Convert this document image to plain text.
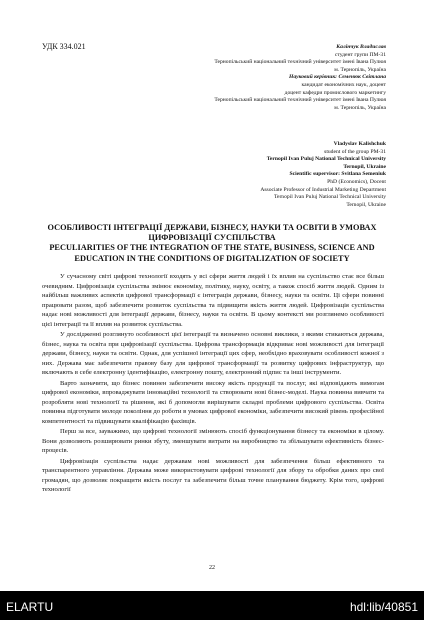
УДК 334.021	Калінчук Владислав
студент групи ПМ-31
Тернопільський національний технічний університет імені Івана Пулюя
м. Тернопіль, Україна
Науковий керівник: Семенюк Світлана
кандидат економічних наук, доцент
доцент кафедри промислового маркетингу
Тернопільський національний технічний університет імені Івана Пулюя
м. Тернопіль, Україна
Vladyslav Kalishchuk
student of the group PM-31
Ternopil Ivan Puluj National Technical University
Ternopil, Ukraine
Scientific supervisor: Svitlana Semeniuk
PhD (Economics), Docent
Associate Professor of Industrial Marketing Department
Ternopil Ivan Puluj National Technical University
Ternopil, Ukraine
ОСОБЛИВОСТІ ІНТЕГРАЦІЇ ДЕРЖАВИ, БІЗНЕСУ, НАУКИ ТА ОСВІТИ В УМОВАХ ЦИФРОВІЗАЦІЇ СУСПІЛЬСТВА
PECULIARITIES OF THE INTEGRATION OF THE STATE, BUSINESS, SCIENCE AND EDUCATION IN THE CONDITIONS OF DIGITALIZATION OF SOCIETY

У сучасному світі цифрові технології входять у всі сфери життя людей і їх вплив на суспільство стає все більш очевидним. Цифровізація суспільства змінює економіку, політику, науку, освіту, а також спосіб життя людей. Одним із найбільш важливих аспектів цифрової трансформації є інтеграція держави, бізнесу, науки та освіти. Ці сфери повинні працювати разом, щоб забезпечити розвиток суспільства та підвищити якість життя людей. Цифровізація суспільства надає нові можливості для інтеграції держави, бізнесу, науки та освіти. В цьому контексті ми розглянемо особливості цієї інтеграції та її вплив на розвиток суспільства.

У дослідженні розглянуто особливості цієї інтеграції та визначено основні виклики, з якими стикаються держава, бізнес, наука та освіта при цифровізації суспільства. Цифрова трансформація відкриває нові можливості для інтеграції держави, бізнесу, науки та освіти. Однак, для успішної інтеграції цих сфер, необхідно враховувати особливості кожної з них. Держава має забезпечити правову базу для цифрової трансформації та розвитку цифрових інфраструктур, що включають в себе електронну ідентифікацію, електронну пошту, електронний підпис та інші інструменти.

Варто зазначити, що бізнес повинен забезпечити високу якість продукції та послуг, які відповідають вимогам цифрової економіки, впроваджувати інноваційні технології та створювати нові бізнес-моделі. Наука повинна вивчати та розробляти нові технології та рішення, які б допомогли вирішувати складні проблеми цифрового суспільства. Освіта повинна підготувати молоде покоління до роботи в умовах цифрової економіки, забезпечити високий рівень професійної компетентності та підвищувати кваліфікацію фахівців.

Перш за все, зауважимо, що цифрові технології змінюють спосіб функціонування бізнесу та економіки в цілому. Вони дозволяють розширювати ринки збуту, зменшувати витрати на виробництво та збільшувати ефективність бізнес-процесів.

Цифровізація суспільства надає державам нові можливості для забезпечення більш ефективного та транспарентного управління. Держава може використовувати цифрові технології для збору та обробки даних про свої громадян, що дозволяє покращити якість послуг та забезпечити більш точне планування бюджету. Крім того, цифрові технології

22
ELARTU	hdl:lib/40851
